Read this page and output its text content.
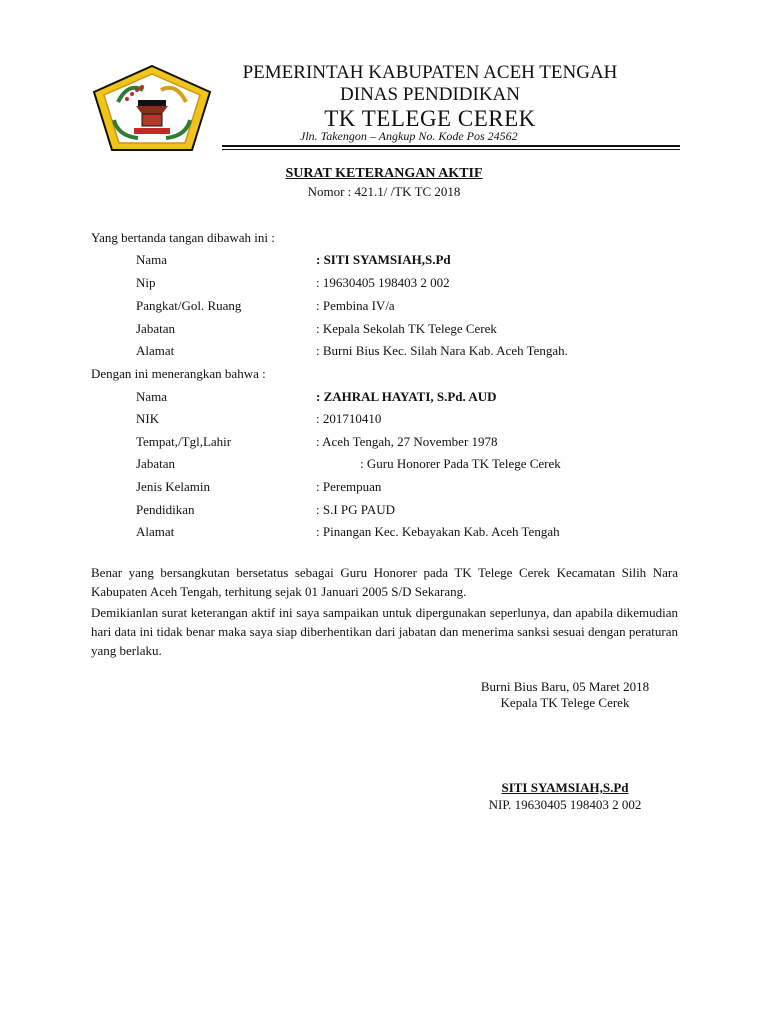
PEMERINTAH KABUPATEN ACEH TENGAH
DINAS PENDIDIKAN
TK TELEGE CEREK
Jln. Takengon – Angkup No. Kode Pos 24562
SURAT KETERANGAN AKTIF
Nomor : 421.1/ /TK TC 2018
Yang bertanda tangan dibawah ini :
Nama	: SITI SYAMSIAH,S.Pd
Nip	: 19630405 198403 2 002
Pangkat/Gol. Ruang	: Pembina IV/a
Jabatan	: Kepala Sekolah TK Telege Cerek
Alamat	: Burni Bius Kec. Silah Nara Kab. Aceh Tengah.
Dengan ini menerangkan bahwa :
Nama	: ZAHRAL HAYATI, S.Pd. AUD
NIK	: 201710410
Tempat,/Tgl,Lahir	: Aceh Tengah, 27 November 1978
Jabatan	: Guru Honorer Pada TK Telege Cerek
Jenis Kelamin	: Perempuan
Pendidikan	: S.I PG PAUD
Alamat	: Pinangan Kec. Kebayakan Kab. Aceh Tengah
Benar yang bersangkutan bersetatus sebagai Guru Honorer pada TK Telege Cerek Kecamatan Silih Nara Kabupaten Aceh Tengah, terhitung sejak 01 Januari 2005 S/D Sekarang.
Demikianlan surat keterangan aktif ini saya sampaikan untuk dipergunakan seperlunya, dan apabila dikemudian hari data ini tidak benar maka saya siap diberhentikan dari jabatan dan menerima sanksi sesuai dengan peraturan yang berlaku.
Burni Bius Baru, 05 Maret 2018
Kepala TK Telege Cerek
SITI SYAMSIAH,S.Pd
NIP. 19630405 198403 2 002
